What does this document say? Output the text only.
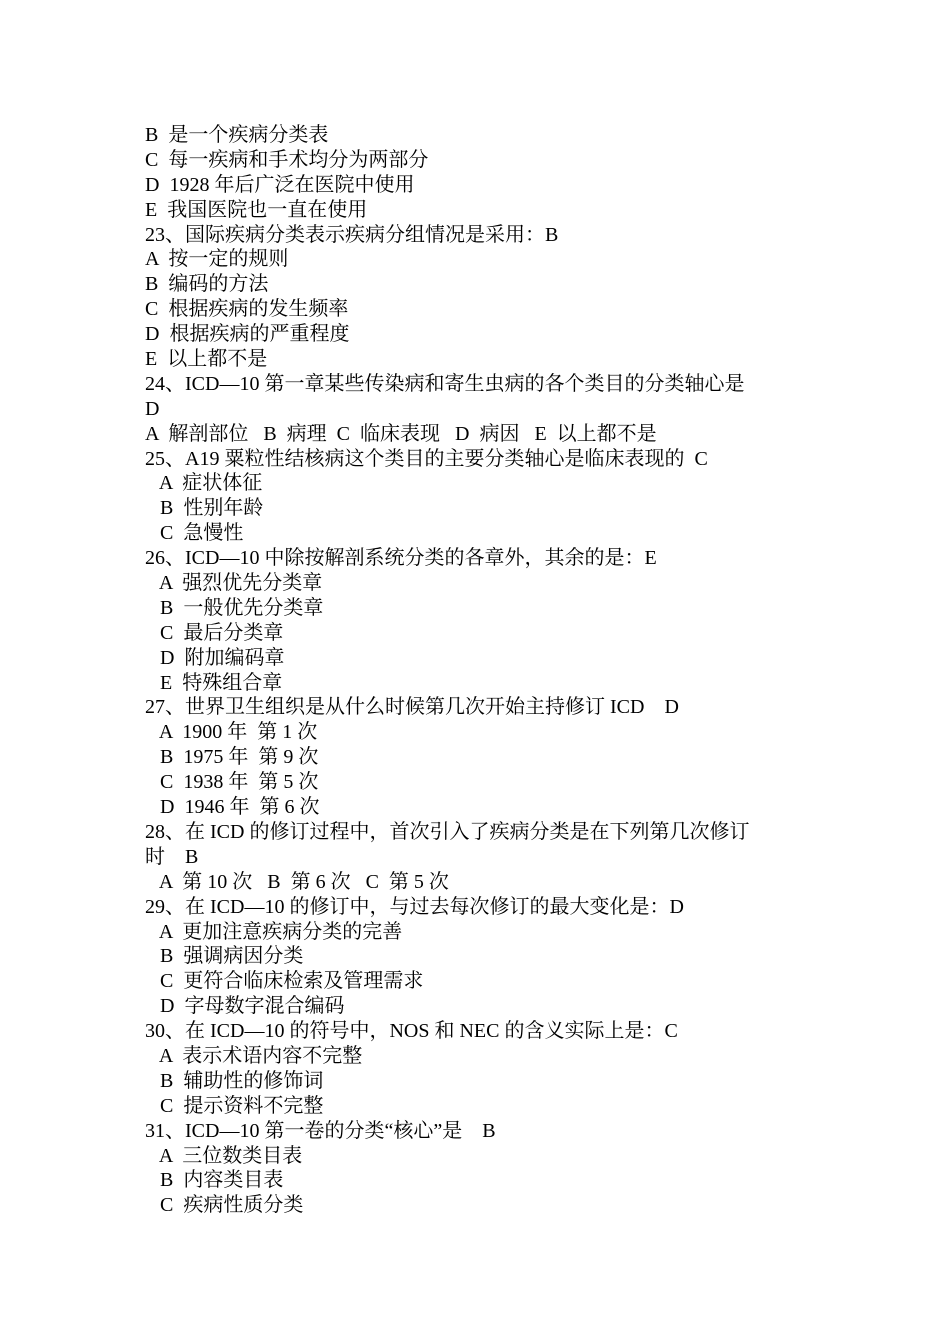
B  是一个疾病分类表
C  每一疾病和手术均分为两部分
D  1928 年后广泛在医院中使用
E  我国医院也一直在使用
23、国际疾病分类表示疾病分组情况是采用：B
A  按一定的规则
B  编码的方法
C  根据疾病的发生频率
D  根据疾病的严重程度
E  以上都不是
24、ICD—10 第一章某些传染病和寄生虫病的各个类目的分类轴心是
D
A  解剖部位   B  病理  C  临床表现   D  病因   E  以上都不是
25、A19 粟粒性结核病这个类目的主要分类轴心是临床表现的  C
A  症状体征
B  性别年龄
C  急慢性
26、ICD—10 中除按解剖系统分类的各章外，其余的是：E
A  强烈优先分类章
B  一般优先分类章
C  最后分类章
D  附加编码章
E  特殊组合章
27、世界卫生组织是从什么时候第几次开始主持修订 ICD    D
A  1900 年  第 1 次
B  1975 年  第 9 次
C  1938 年  第 5 次
D  1946 年  第 6 次
28、在 ICD 的修订过程中，首次引入了疾病分类是在下列第几次修订
时    B
A  第 10 次   B  第 6 次   C  第 5 次
29、在 ICD—10 的修订中，与过去每次修订的最大变化是：D
A  更加注意疾病分类的完善
B  强调病因分类
C  更符合临床检索及管理需求
D  字母数字混合编码
30、在 ICD—10 的符号中，NOS 和 NEC 的含义实际上是：C
A  表示术语内容不完整
B  辅助性的修饰词
C  提示资料不完整
31、ICD—10 第一卷的分类“核心”是    B
A  三位数类目表
B  内容类目表
C  疾病性质分类
